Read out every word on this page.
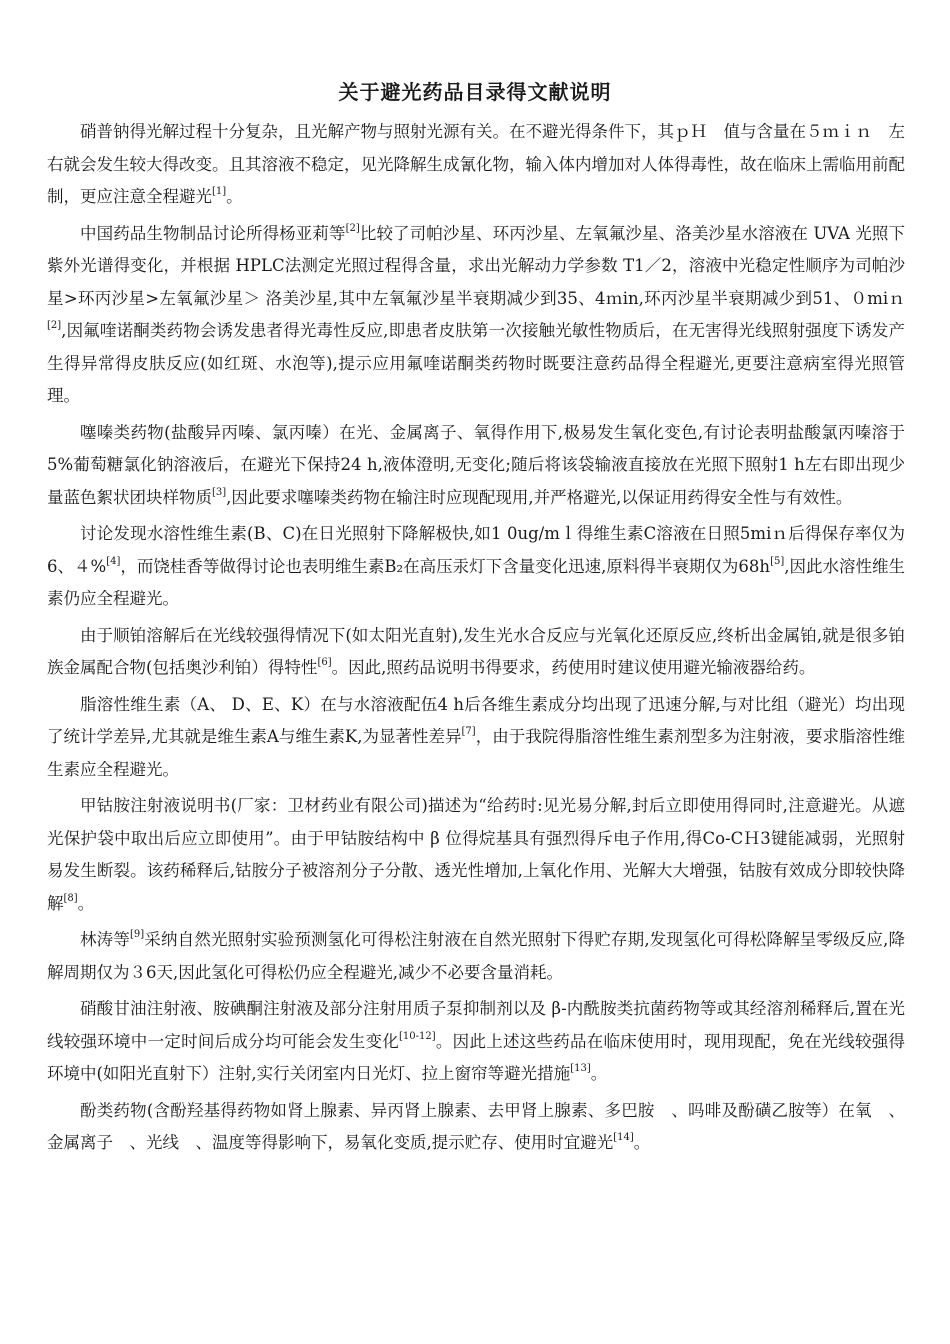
关于避光药品目录得文献说明

硝普钠得光解过程十分复杂，且光解产物与照射光源有关。在不避光得条件下，其ｐＨ　值与含量在５ｍｉｎ　左右就会发生较大得改变。且其溶液不稳定，见光降解生成氰化物，输入体内增加对人体得毒性，故在临床上需临用前配制，更应注意全程避光[1]。

中国药品生物制品讨论所得杨亚莉等[2]比较了司帕沙星、环丙沙星、左氧氟沙星、洛美沙星水溶液在 UVA 光照下紫外光谱得变化，并根据 HPLC法测定光照过程得含量，求出光解动力学参数 T1／2，溶液中光稳定性顺序为司帕沙星>环丙沙星>左氧氟沙星＞ 洛美沙星,其中左氧氟沙星半衰期减少到35、4ｍin,环丙沙星半衰期减少到51、０miｎ[2],因氟喹诺酮类药物会诱发患者得光毒性反应,即患者皮肤第一次接触光敏性物质后，在无害得光线照射强度下诱发产生得异常得皮肤反应(如红斑、水泡等),提示应用氟喹诺酮类药物时既要注意药品得全程避光,更要注意病室得光照管理。

噻嗪类药物(盐酸异丙嗪、氯丙嗪）在光、金属离子、氧得作用下,极易发生氧化变色,有讨论表明盐酸氯丙嗪溶于5%葡萄糖氯化钠溶液后，在避光下保持24 h,液体澄明,无变化;随后将该袋输液直接放在光照下照射1 h左右即出现少量蓝色絮状团块样物质[3],因此要求噻嗪类药物在输注时应现配现用,并严格避光,以保证用药得安全性与有效性。

讨论发现水溶性维生素(B、C)在日光照射下降解极快,如1 0ug/mｌ得维生素C溶液在日照5miｎ后得保存率仅为6、４%[4]，而饶桂香等做得讨论也表明维生素B₂在高压汞灯下含量变化迅速,原料得半衰期仅为68h[5],因此水溶性维生素仍应全程避光。

由于顺铂溶解后在光线较强得情况下(如太阳光直射),发生光水合反应与光氧化还原反应,终析出金属铂,就是很多铂族金属配合物(包括奥沙利铂）得特性[6]。因此,照药品说明书得要求，药使用时建议使用避光输液器给药。

脂溶性维生素（A、 D、E、K）在与水溶液配伍4 h后各维生素成分均出现了迅速分解,与对比组（避光）均出现了统计学差异,尤其就是维生素A与维生素K,为显著性差异[7]，由于我院得脂溶性维生素剂型多为注射液，要求脂溶性维生素应全程避光。

甲钴胺注射液说明书(厂家：卫材药业有限公司)描述为“给药时:见光易分解,封后立即使用得同时,注意避光。从遮光保护袋中取出后应立即使用”。由于甲钴胺结构中 β 位得烷基具有强烈得斥电子作用,得Co-CＨ3键能减弱，光照射易发生断裂。该药稀释后,钴胺分子被溶剂分子分散、透光性增加,上氧化作用、光解大大增强，钴胺有效成分即较快降解[8]。

林涛等[9]采纳自然光照射实验预测氢化可得松注射液在自然光照射下得贮存期,发现氢化可得松降解呈零级反应,降解周期仅为３6天,因此氢化可得松仍应全程避光,减少不必要含量消耗。

硝酸甘油注射液、胺碘酮注射液及部分注射用质子泵抑制剂以及 β-内酰胺类抗菌药物等或其经溶剂稀释后,置在光线较强环境中一定时间后成分均可能会发生变化[10-12]。因此上述这些药品在临床使用时，现用现配，免在光线较强得环境中(如阳光直射下）注射,实行关闭室内日光灯、拉上窗帘等避光措施[13]。

酚类药物(含酚羟基得药物如肾上腺素、异丙肾上腺素、去甲肾上腺素、多巴胺　、吗啡及酚磺乙胺等）在氧　、金属离子　、光线　、温度等得影响下，易氧化变质,提示贮存、使用时宜避光[14]。
